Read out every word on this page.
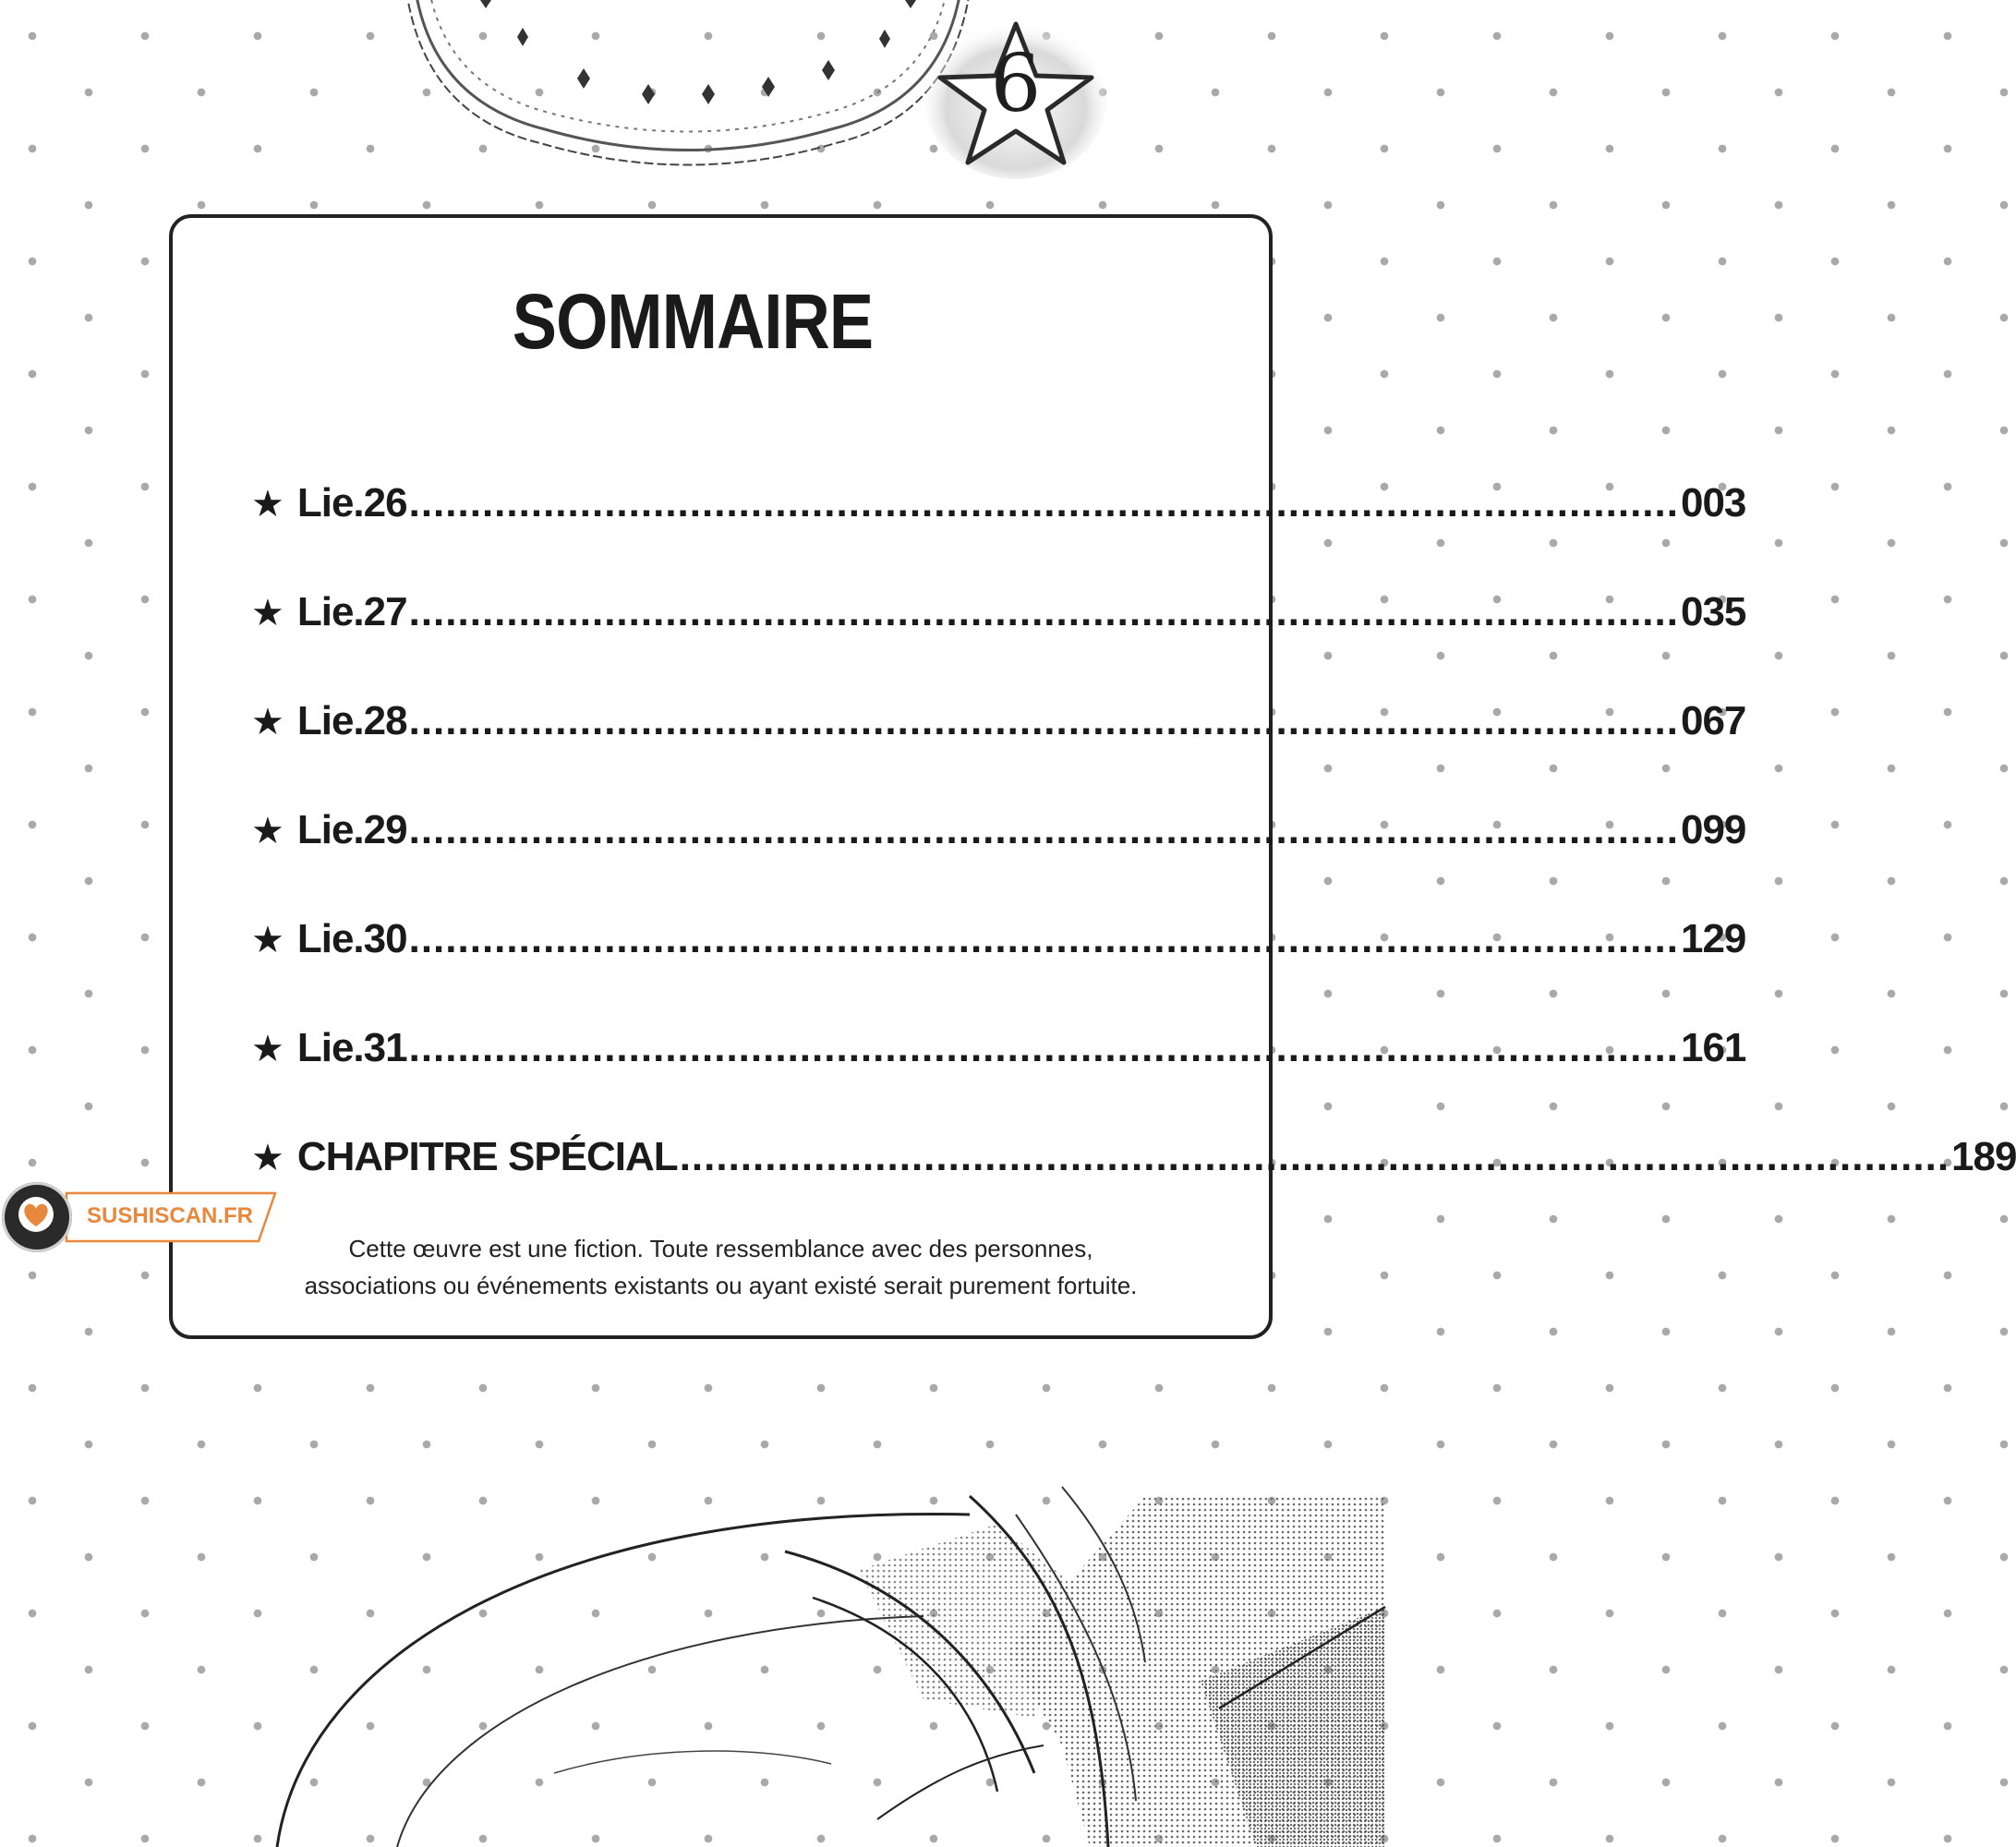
6
SOMMAIRE
★ Lie.26 ........................................................................................................ 003
★ Lie.27 ........................................................................................................ 035
★ Lie.28 ........................................................................................................ 067
★ Lie.29 ........................................................................................................ 099
★ Lie.30 ........................................................................................................ 129
★ Lie.31 ........................................................................................................ 161
★ CHAPITRE SPÉCIAL ........................................................................................................ 189
Cette œuvre est une fiction. Toute ressemblance avec des personnes,
associations ou événements existants ou ayant existé serait purement fortuite.
SUSHISCAN.FR
